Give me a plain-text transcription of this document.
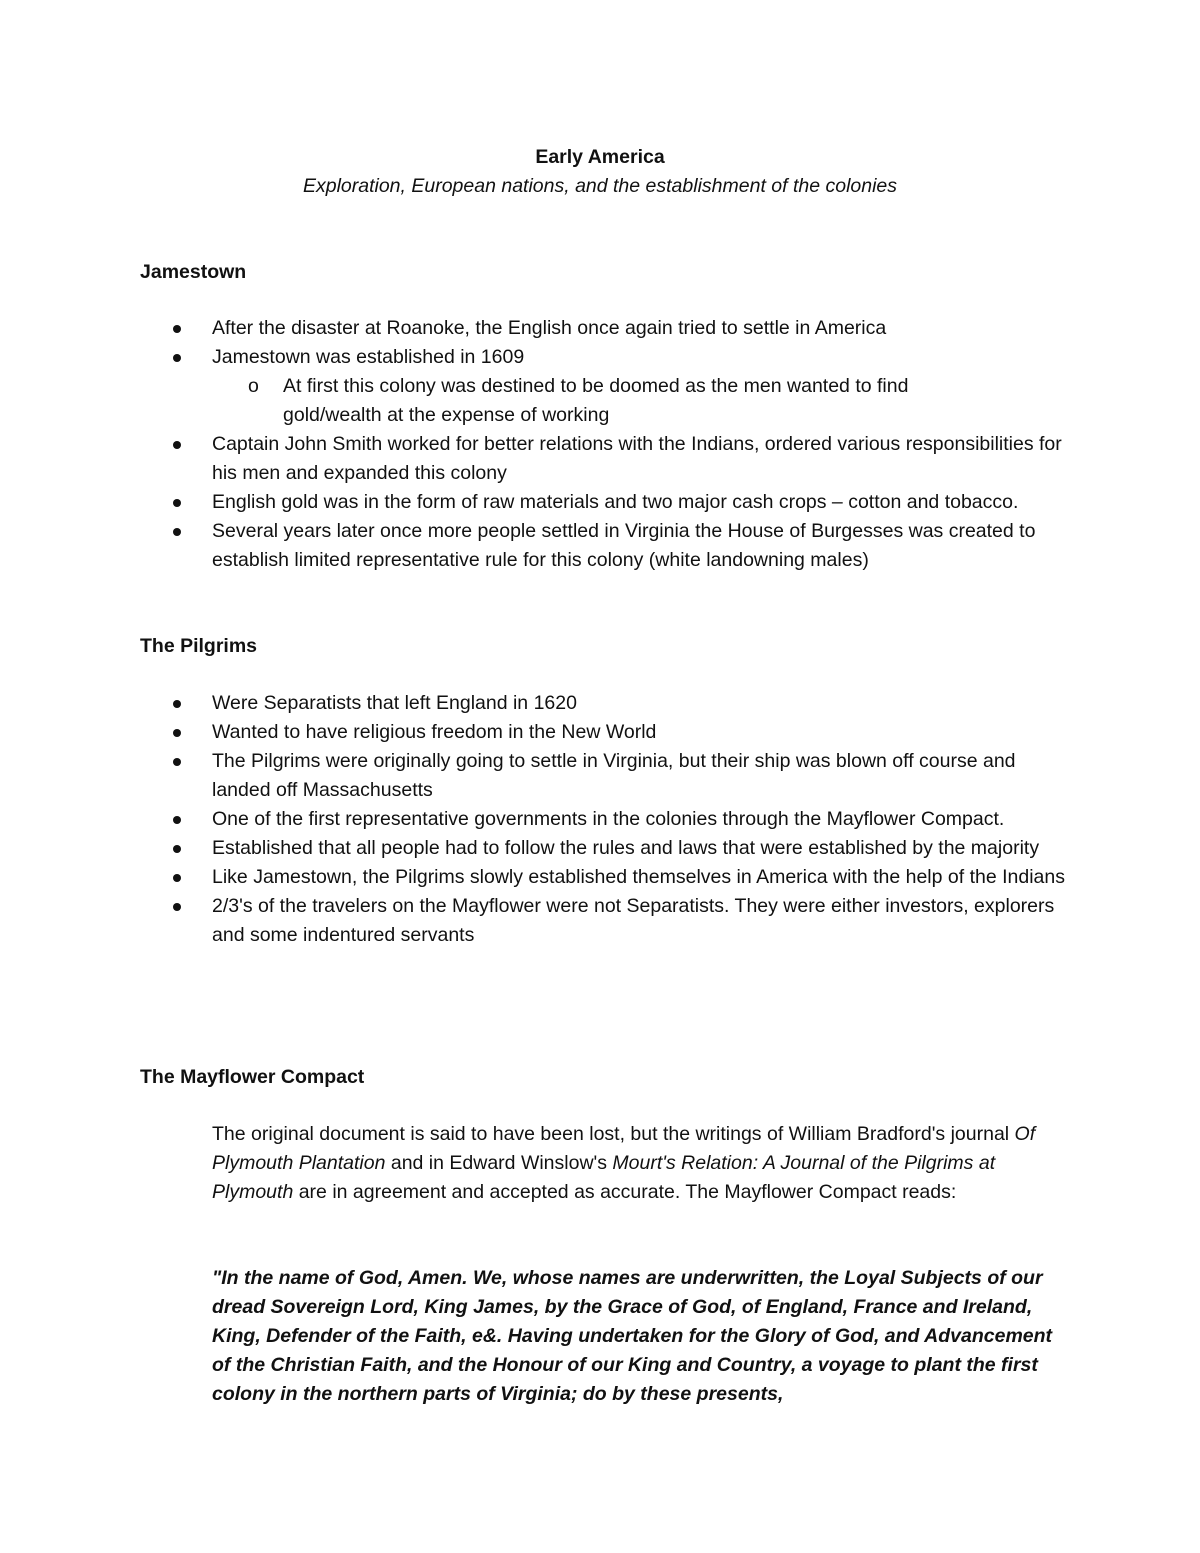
Early America
Exploration, European nations, and the establishment of the colonies
Jamestown
After the disaster at Roanoke, the English once again tried to settle in America
Jamestown was established in 1609
o At first this colony was destined to be doomed as the men wanted to find gold/wealth at the expense of working
Captain John Smith worked for better relations with the Indians, ordered various responsibilities for his men and expanded this colony
English gold was in the form of raw materials and two major cash crops – cotton and tobacco.
Several years later once more people settled in Virginia the House of Burgesses was created to establish limited representative rule for this colony (white landowning males)
The Pilgrims
Were Separatists that left England in 1620
Wanted to have religious freedom in the New World
The Pilgrims were originally going to settle in Virginia, but their ship was blown off course and landed off Massachusetts
One of the first representative governments in the colonies through the Mayflower Compact.
Established that all people had to follow the rules and laws that were established by the majority
Like Jamestown, the Pilgrims slowly established themselves in America with the help of the Indians
2/3's of the travelers on the Mayflower were not Separatists. They were either investors, explorers and some indentured servants
The Mayflower Compact
The original document is said to have been lost, but the writings of William Bradford's journal Of Plymouth Plantation and in Edward Winslow's Mourt's Relation: A Journal of the Pilgrims at Plymouth are in agreement and accepted as accurate. The Mayflower Compact reads:
"In the name of God, Amen. We, whose names are underwritten, the Loyal Subjects of our dread Sovereign Lord, King James, by the Grace of God, of England, France and Ireland, King, Defender of the Faith, e&. Having undertaken for the Glory of God, and Advancement of the Christian Faith, and the Honour of our King and Country, a voyage to plant the first colony in the northern parts of Virginia; do by these presents,
